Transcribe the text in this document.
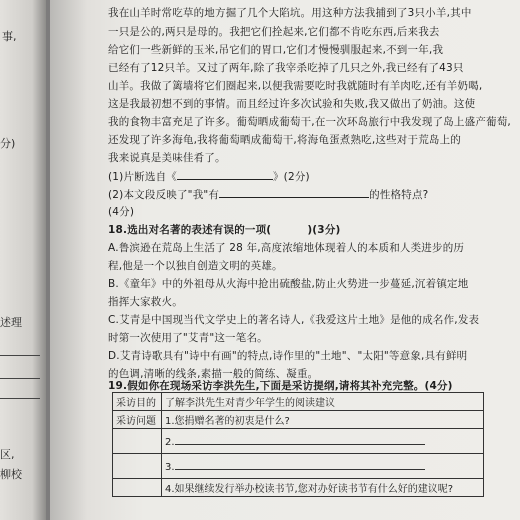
事,
分)
述理
区,
柳校
我在山羊时常吃草的地方掘了几个大陷坑。用这种方法我捕到了3只小羊,其中
一只是公的,两只是母的。我把它们拴起来,它们都不肯吃东西,后来我去
给它们一些新鲜的玉米,吊它们的胃口,它们才慢慢驯服起来,不到一年,我
已经有了12只羊。又过了两年,除了我宰杀吃掉了几只之外,我已经有了43只
山羊。我做了篱墙将它们圈起来,以便我需要吃时我就随时有羊肉吃,还有羊奶喝,
这是我最初想不到的事情。而且经过许多次试验和失败,我又做出了奶油。这使
我的食物丰富充足了许多。葡萄晒成葡萄干,在一次环岛旅行中我发现了岛上盛产葡萄,
还发现了许多海龟,我将葡萄晒成葡萄干,将海龟蛋煮熟吃,这些对于荒岛上的
我来说真是美味佳肴了。
(1)片断选自《	》(2分)
(2)本文段反映了"我"有	的性格特点?
(4分)
18.选出对名著的表述有误的一项(	)(3分)
A.鲁滨逊在荒岛上生活了 28 年,高度浓缩地体现着人的本质和人类进步的历
程,他是一个以独自创造文明的英雄。
B.《童年》中的外祖母从火海中抢出硫酸盐,防止火势进一步蔓延,沉着镇定地
指挥大家救火。
C.艾青是中国现当代文学史上的著名诗人,《我爱这片土地》是他的成名作,发表
时第一次使用了"艾青"这一笔名。
D.艾青诗歌具有"诗中有画"的特点,诗作里的"土地"、"太阳"等意象,具有鲜明
的色调,清晰的线条,素描一般的简练、凝重。
19.假如你在现场采访李洪先生,下面是采访提纲,请将其补充完整。(4分)
采访目的	了解李洪先生对青少年学生的阅读建议
采访问题	1.您捐赠名著的初衷是什么?
	2.
	3.
	4.如果继续发行举办校读书节,您对办好读书节有什么好的建议呢?
